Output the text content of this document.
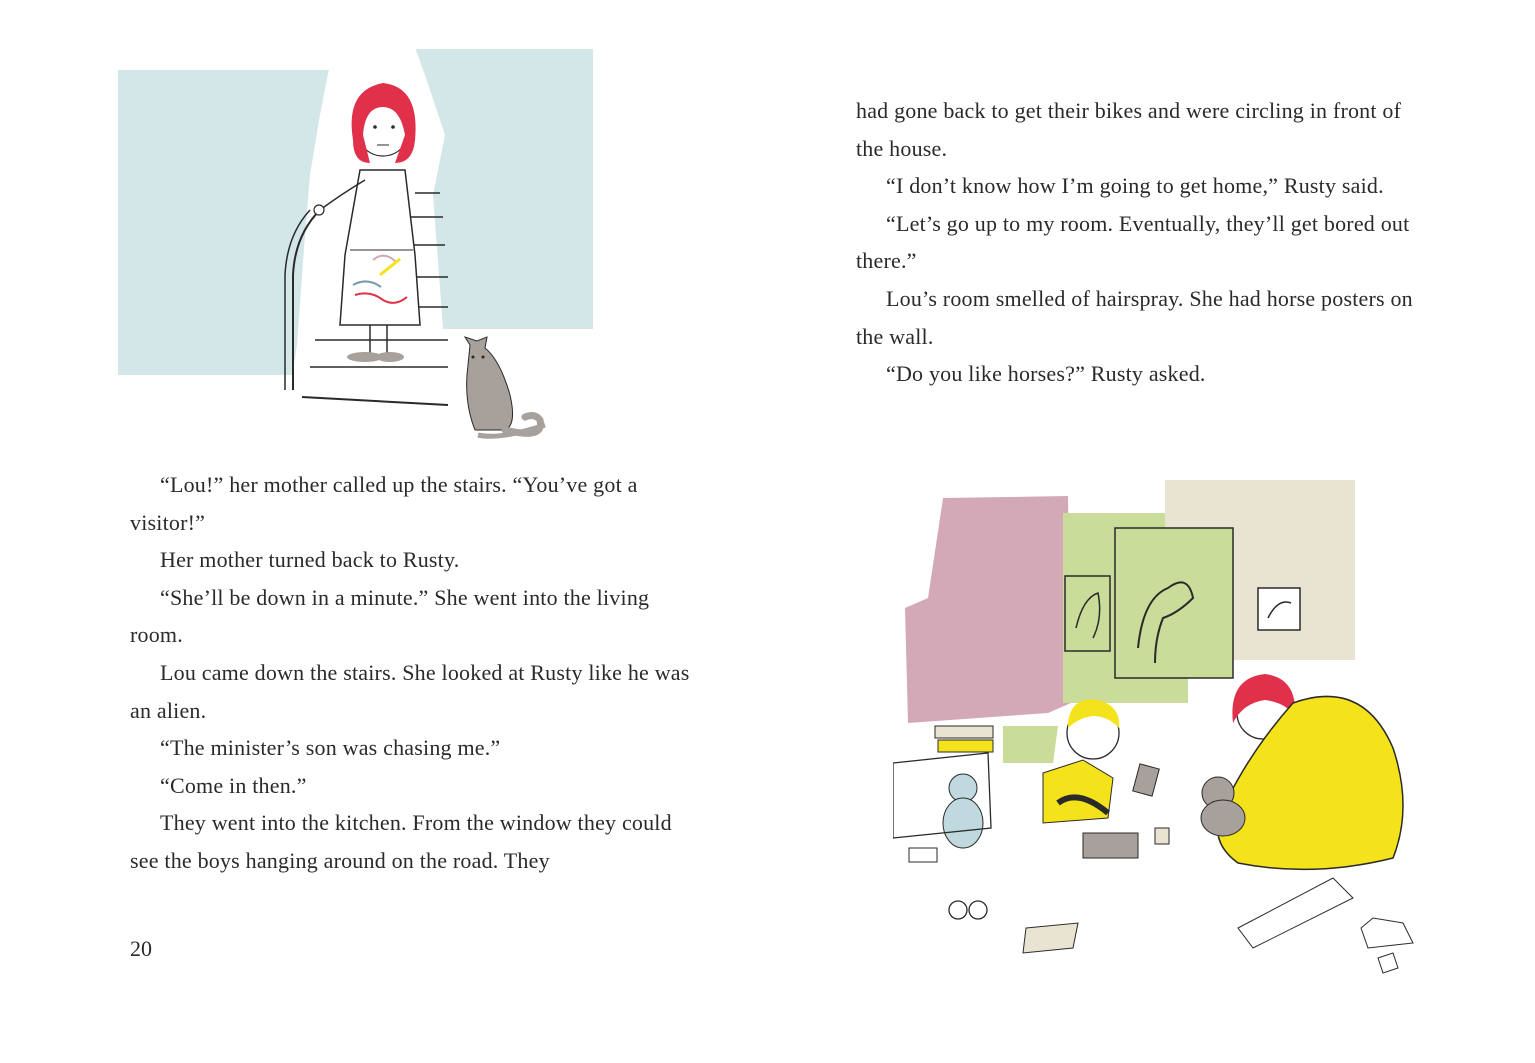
“Lou!” her mother called up the stairs. “You’ve got a visitor!”

Her mother turned back to Rusty.

“She’ll be down in a minute.” She went into the living room.

Lou came down the stairs. She looked at Rusty like he was an alien.

“The minister’s son was chasing me.”

“Come in then.”

They went into the kitchen. From the window they could see the boys hanging around on the road. They

20

had gone back to get their bikes and were circling in front of the house.

“I don’t know how I’m going to get home,” Rusty said.

“Let’s go up to my room. Eventually, they’ll get bored out there.”

Lou’s room smelled of hairspray. She had horse posters on the wall.

“Do you like horses?” Rusty asked.
